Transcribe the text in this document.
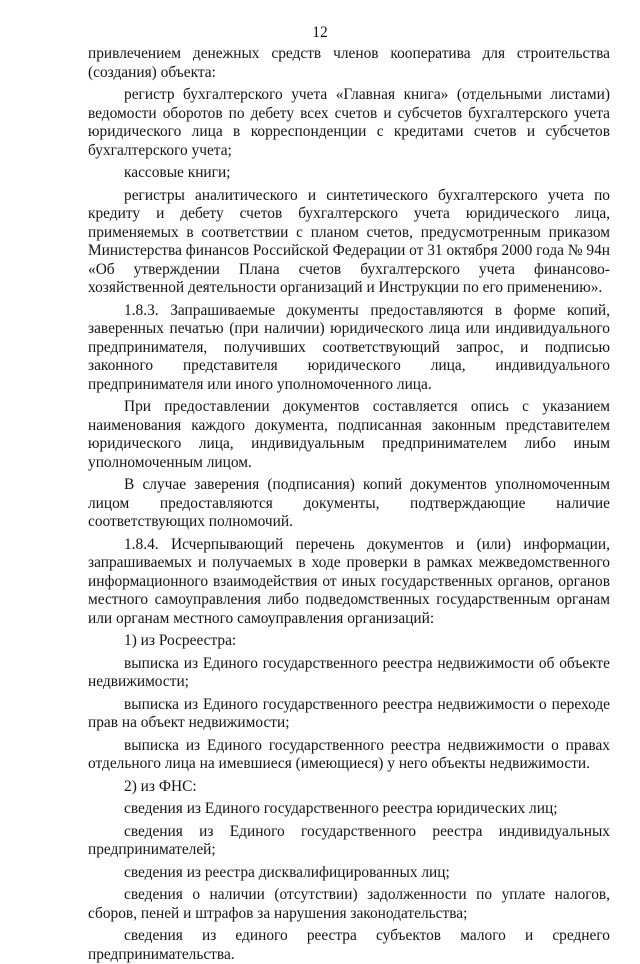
12

привлечением денежных средств членов кооператива для строительства (создания) объекта:

регистр бухгалтерского учета «Главная книга» (отдельными листами) ведомости оборотов по дебету всех счетов и субсчетов бухгалтерского учета юридического лица в корреспонденции с кредитами счетов и субсчетов бухгалтерского учета;

кассовые книги;

регистры аналитического и синтетического бухгалтерского учета по кредиту и дебету счетов бухгалтерского учета юридического лица, применяемых в соответствии с планом счетов, предусмотренным приказом Министерства финансов Российской Федерации от 31 октября 2000 года № 94н «Об утверждении Плана счетов бухгалтерского учета финансово-хозяйственной деятельности организаций и Инструкции по его применению».

1.8.3. Запрашиваемые документы предоставляются в форме копий, заверенных печатью (при наличии) юридического лица или индивидуального предпринимателя, получивших соответствующий запрос, и подписью законного представителя юридического лица, индивидуального предпринимателя или иного уполномоченного лица.

При предоставлении документов составляется опись с указанием наименования каждого документа, подписанная законным представителем юридического лица, индивидуальным предпринимателем либо иным уполномоченным лицом.

В случае заверения (подписания) копий документов уполномоченным лицом предоставляются документы, подтверждающие наличие соответствующих полномочий.

1.8.4. Исчерпывающий перечень документов и (или) информации, запрашиваемых и получаемых в ходе проверки в рамках межведомственного информационного взаимодействия от иных государственных органов, органов местного самоуправления либо подведомственных государственным органам или органам местного самоуправления организаций:

1) из Росреестра:

выписка из Единого государственного реестра недвижимости об объекте недвижимости;

выписка из Единого государственного реестра недвижимости о переходе прав на объект недвижимости;

выписка из Единого государственного реестра недвижимости о правах отдельного лица на имевшиеся (имеющиеся) у него объекты недвижимости.

2) из ФНС:

сведения из Единого государственного реестра юридических лиц;

сведения из Единого государственного реестра индивидуальных предпринимателей;

сведения из реестра дисквалифицированных лиц;

сведения о наличии (отсутствии) задолженности по уплате налогов, сборов, пеней и штрафов за нарушения законодательства;

сведения из единого реестра субъектов малого и среднего предпринимательства.
